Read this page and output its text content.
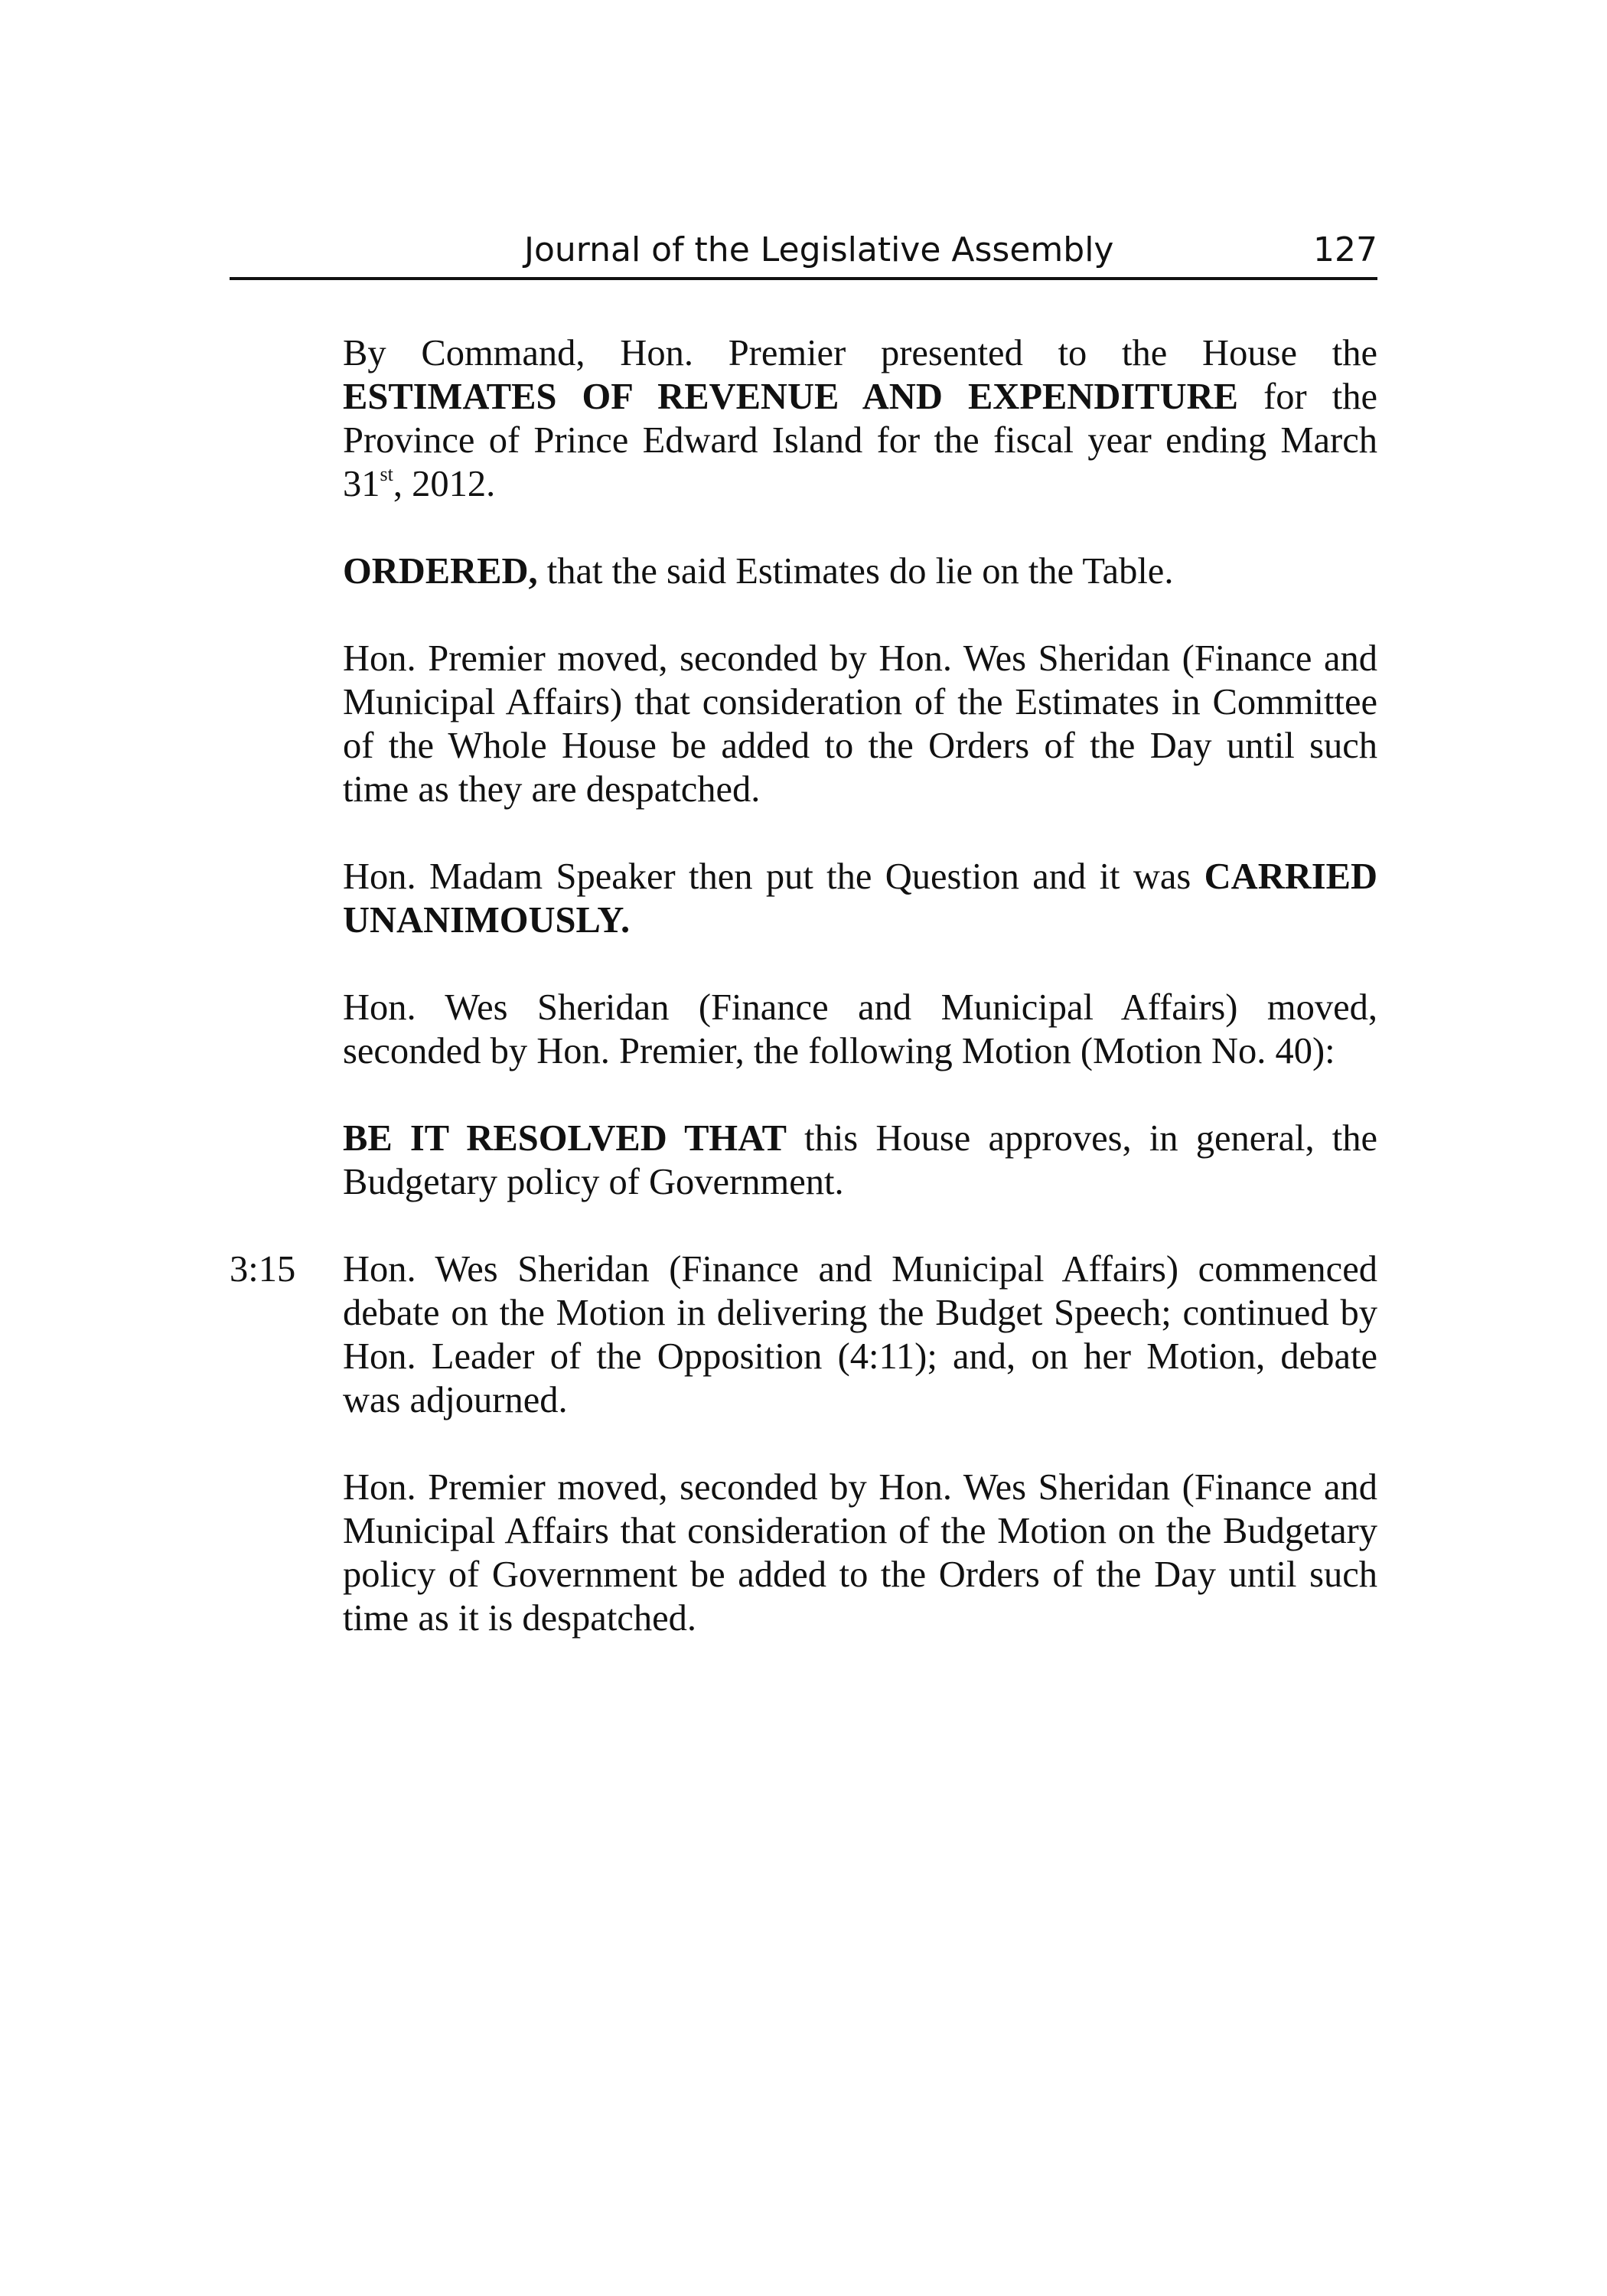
Journal of the Legislative Assembly	127

By Command, Hon. Premier presented to the House the ESTIMATES OF REVENUE AND EXPENDITURE for the Province of Prince Edward Island for the fiscal year ending March 31st, 2012.

ORDERED, that the said Estimates do lie on the Table.

Hon. Premier moved, seconded by Hon. Wes Sheridan (Finance and Municipal Affairs) that consideration of the Estimates in Committee of the Whole House be added to the Orders of the Day until such time as they are despatched.

Hon. Madam Speaker then put the Question and it was CARRIED UNANIMOUSLY.

Hon. Wes Sheridan (Finance and Municipal Affairs) moved, seconded by Hon. Premier, the following Motion (Motion No. 40):

BE IT RESOLVED THAT this House approves, in general, the Budgetary policy of Government.

3:15 Hon. Wes Sheridan (Finance and Municipal Affairs) commenced debate on the Motion in delivering the Budget Speech; continued by Hon. Leader of the Opposition (4:11); and, on her Motion, debate was adjourned.

Hon. Premier moved, seconded by Hon. Wes Sheridan (Finance and Municipal Affairs that consideration of the Motion on the Budgetary policy of Government be added to the Orders of the Day until such time as it is despatched.
